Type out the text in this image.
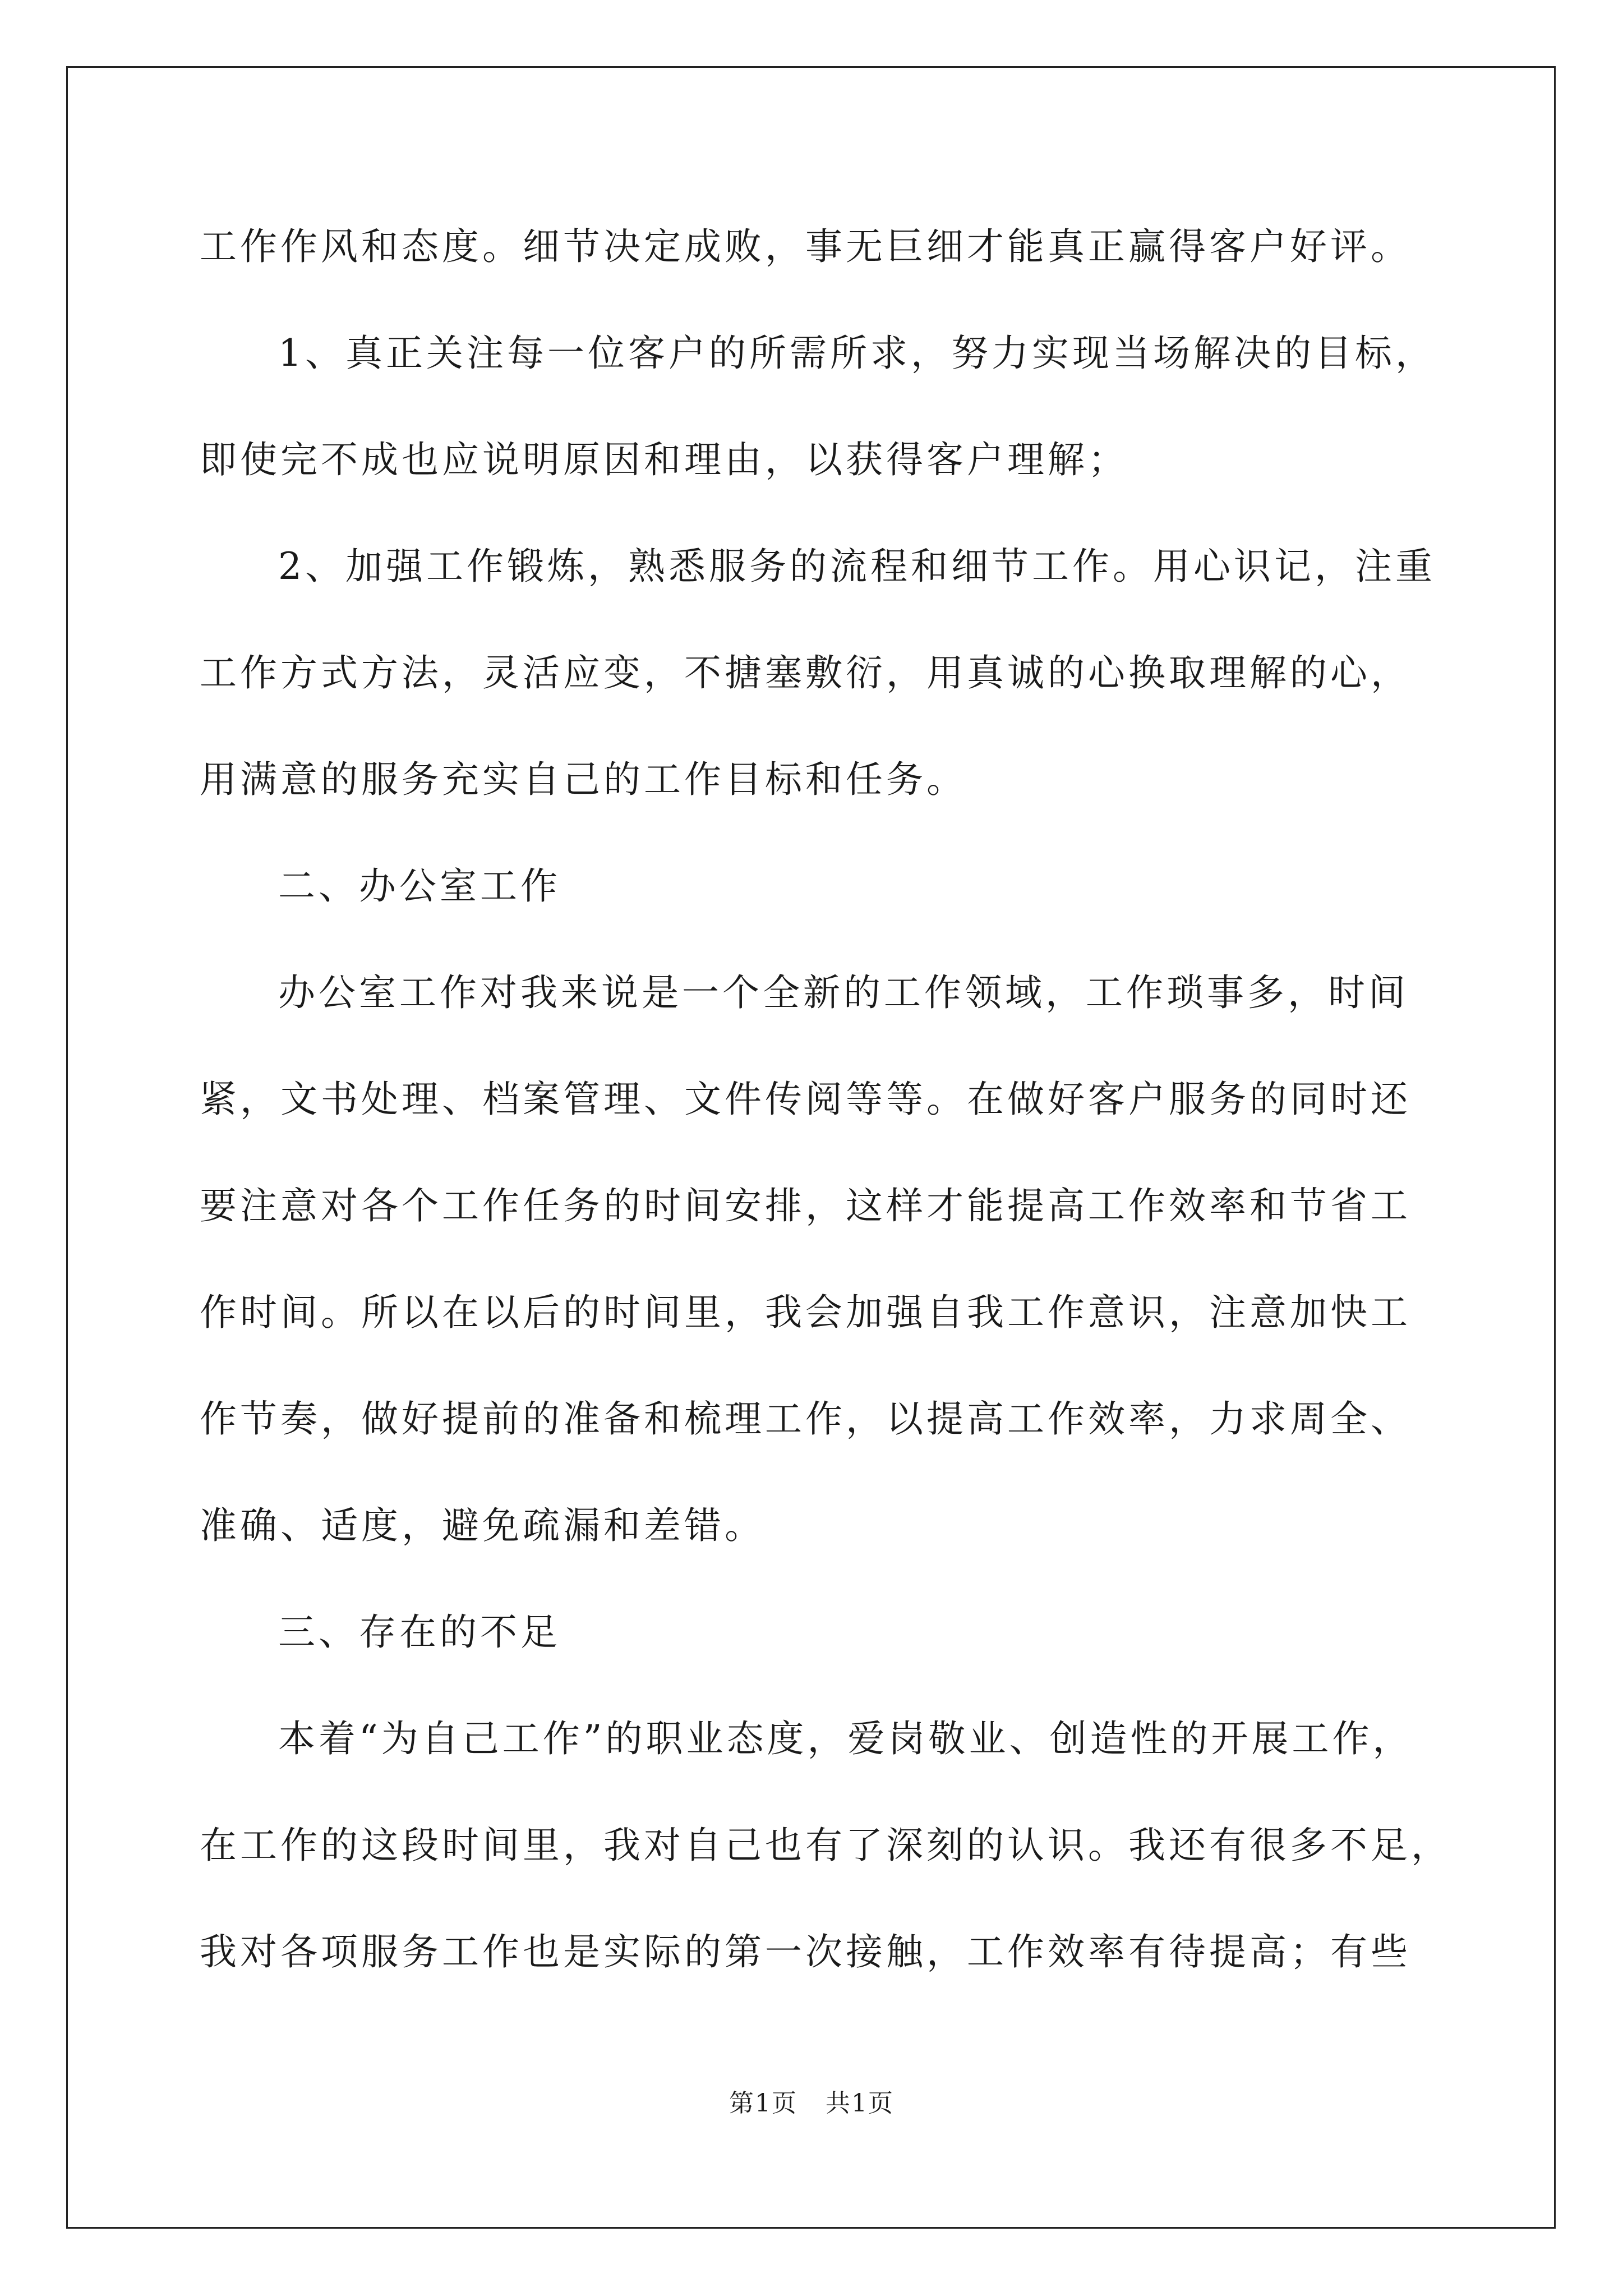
工作作风和态度。细节决定成败，事无巨细才能真正赢得客户好评。
1、真正关注每一位客户的所需所求，努力实现当场解决的目标，
即使完不成也应说明原因和理由，以获得客户理解；
2、加强工作锻炼，熟悉服务的流程和细节工作。用心识记，注重
工作方式方法，灵活应变，不搪塞敷衍，用真诚的心换取理解的心，
用满意的服务充实自己的工作目标和任务。
二、办公室工作
办公室工作对我来说是一个全新的工作领域，工作琐事多，时间
紧，文书处理、档案管理、文件传阅等等。在做好客户服务的同时还
要注意对各个工作任务的时间安排，这样才能提高工作效率和节省工
作时间。所以在以后的时间里，我会加强自我工作意识，注意加快工
作节奏，做好提前的准备和梳理工作，以提高工作效率，力求周全、
准确、适度，避免疏漏和差错。
三、存在的不足
本着“为自己工作”的职业态度，爱岗敬业、创造性的开展工作，
在工作的这段时间里，我对自己也有了深刻的认识。我还有很多不足，
我对各项服务工作也是实际的第一次接触，工作效率有待提高；有些
第1页 共1页
